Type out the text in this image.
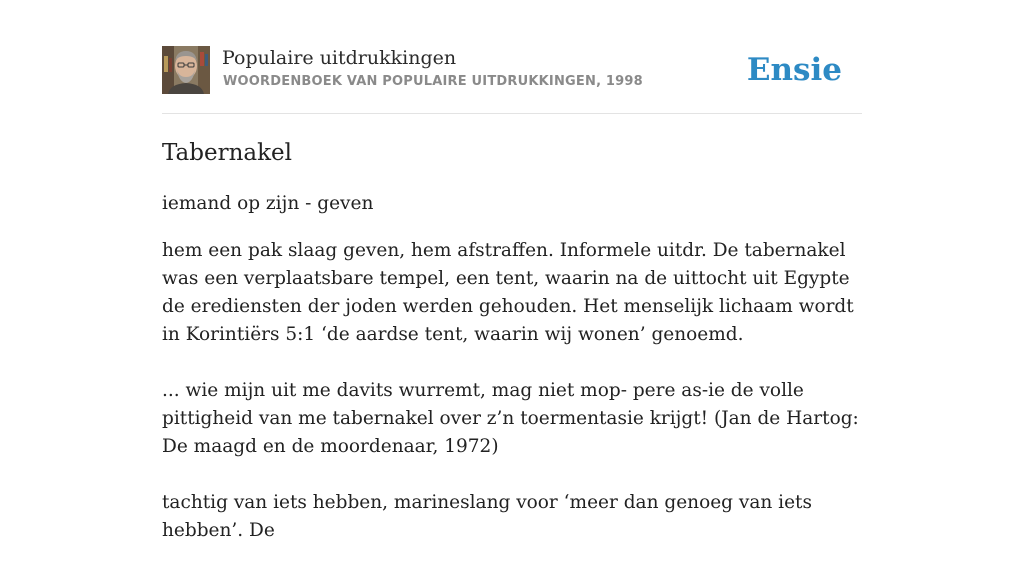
Populaire uitdrukkingen
WOORDENBOEK VAN POPULAIRE UITDRUKKINGEN, 1998	Ensie
Tabernakel

iemand op zijn - geven

hem een pak slaag geven, hem afstraffen. Informele uitdr. De tabernakel was een verplaatsbare tempel, een tent, waarin na de uittocht uit Egypte de erediensten der joden werden gehouden. Het menselijk lichaam wordt in Korintiërs 5:1 ‘de aardse tent, waarin wij wonen’ genoemd.

... wie mijn uit me davits wurremt, mag niet mop- pere as-ie de volle pittigheid van me tabernakel over z’n toermentasie krijgt! (Jan de Hartog: De maagd en de moordenaar, 1972)

tachtig van iets hebben, marineslang voor ‘meer dan genoeg van iets hebben’. De
